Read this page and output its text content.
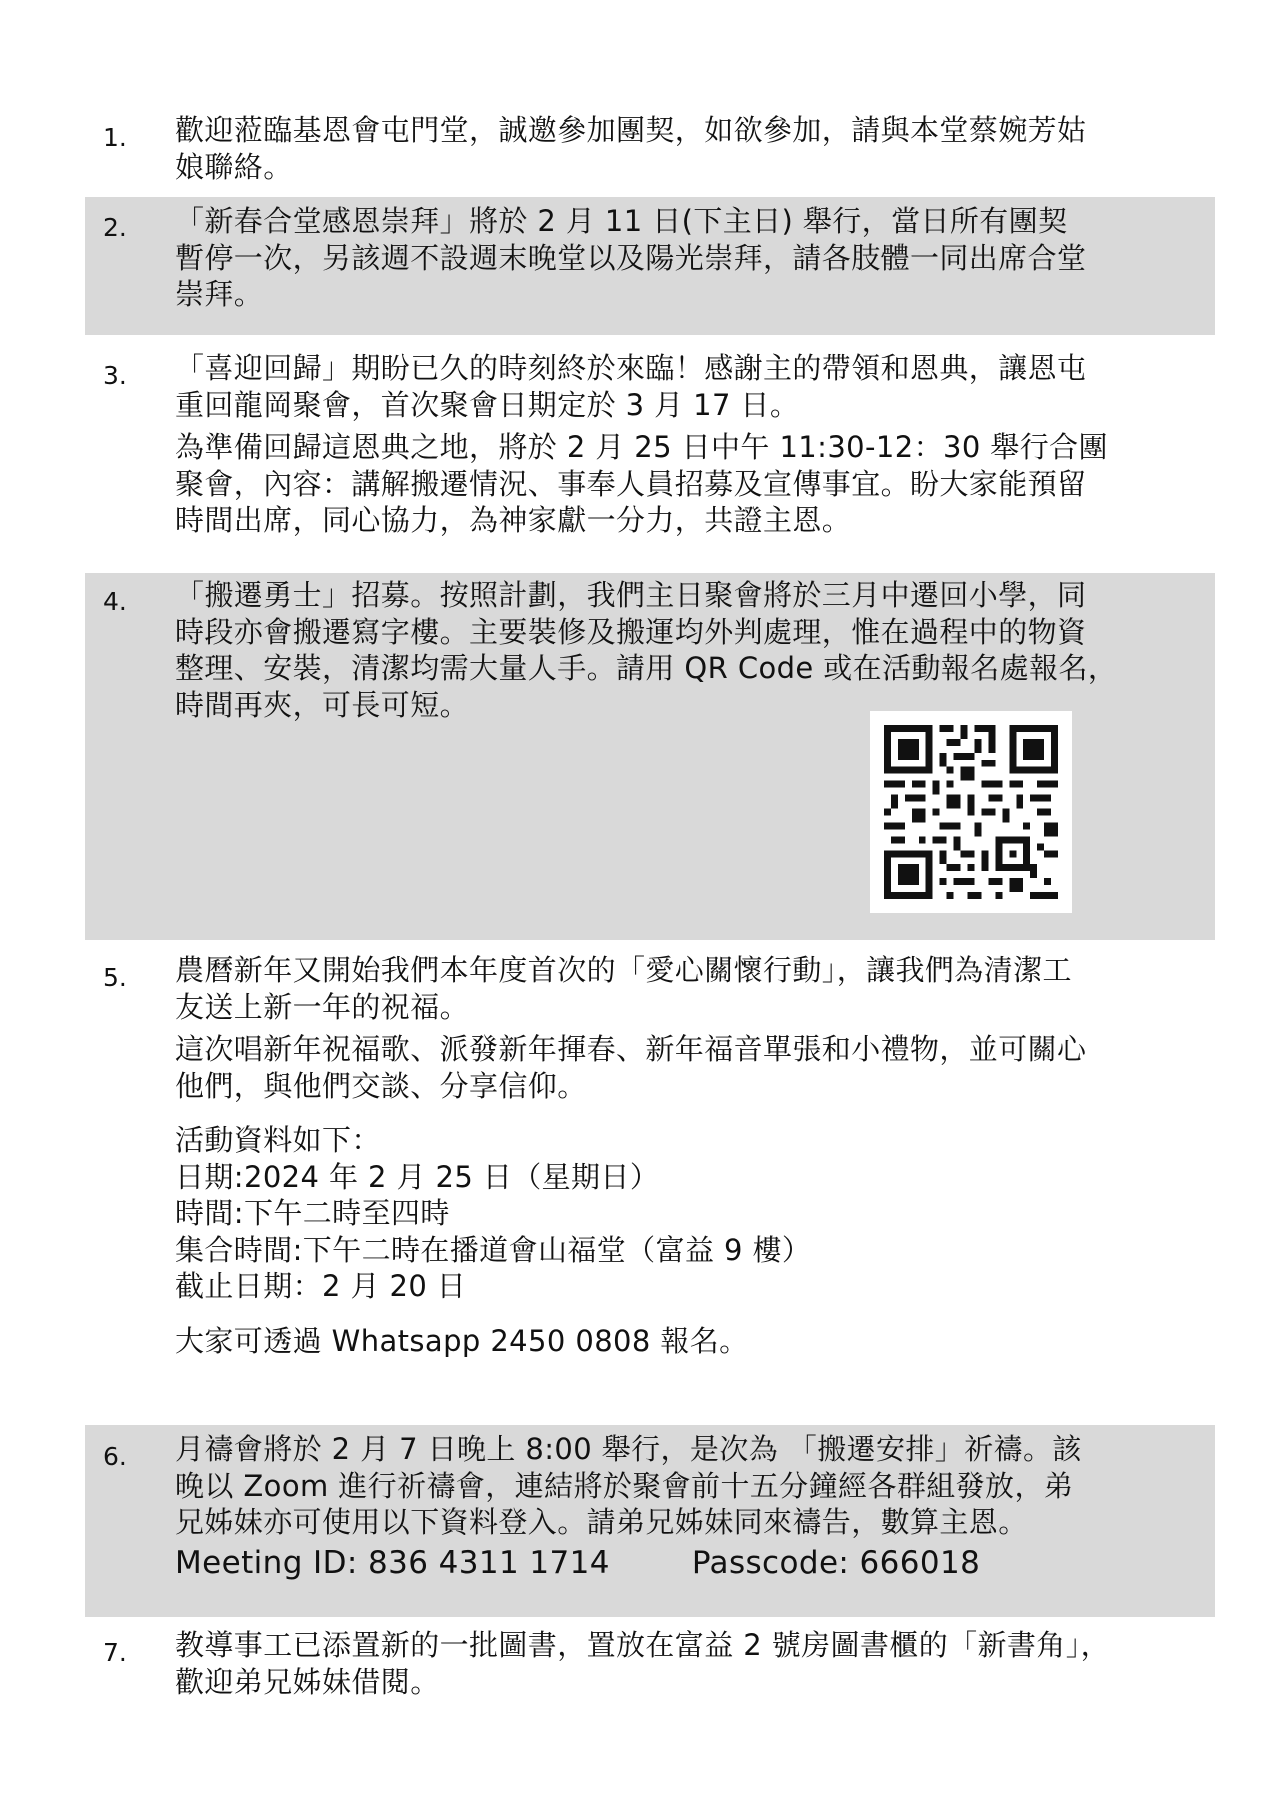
1. 歡迎蒞臨基恩會屯門堂，誠邀參加團契，如欲參加，請與本堂蔡婉芳姑

娘聯絡。

2. 「新春合堂感恩崇拜」將於 2 月 11 日(下主日) 舉行，當日所有團契

暫停一次，另該週不設週末晚堂以及陽光崇拜，請各肢體一同出席合堂

崇拜。

3. 「喜迎回歸」期盼已久的時刻終於來臨！感謝主的帶領和恩典，讓恩屯

重回龍岡聚會，首次聚會日期定於 3 月 17 日。

為準備回歸這恩典之地，將於 2 月 25 日中午 11:30-12：30 舉行合團

聚會，內容：講解搬遷情況、事奉人員招募及宣傳事宜。盼大家能預留

時間出席，同心協力，為神家獻一分力，共證主恩。

4. 「搬遷勇士」招募。按照計劃，我們主日聚會將於三月中遷回小學，同

時段亦會搬遷寫字樓。主要裝修及搬運均外判處理，惟在過程中的物資

整理、安裝，清潔均需大量人手。請用 QR Code 或在活動報名處報名，

時間再夾，可長可短。

5. 農曆新年又開始我們本年度首次的「愛心關懷行動」，讓我們為清潔工

友送上新一年的祝福。

這次唱新年祝福歌、派發新年揮春、新年福音單張和小禮物，並可關心

他們，與他們交談、分享信仰。

活動資料如下：

日期:2024 年 2 月 25 日（星期日）

時間:下午二時至四時

集合時間:下午二時在播道會山福堂（富益 9 樓）

截止日期：2 月 20 日

大家可透過 Whatsapp 2450 0808 報名。

6. 月禱會將於 2 月 7 日晚上 8:00 舉行，是次為 「搬遷安排」祈禱。該

晚以 Zoom 進行祈禱會，連結將於聚會前十五分鐘經各群組發放，弟

兄姊妹亦可使用以下資料登入。請弟兄姊妹同來禱告，數算主恩。

Meeting ID: 836 4311 1714	Passcode: 666018

7. 教導事工已添置新的一批圖書，置放在富益 2 號房圖書櫃的「新書角」，

歡迎弟兄姊妹借閱。
